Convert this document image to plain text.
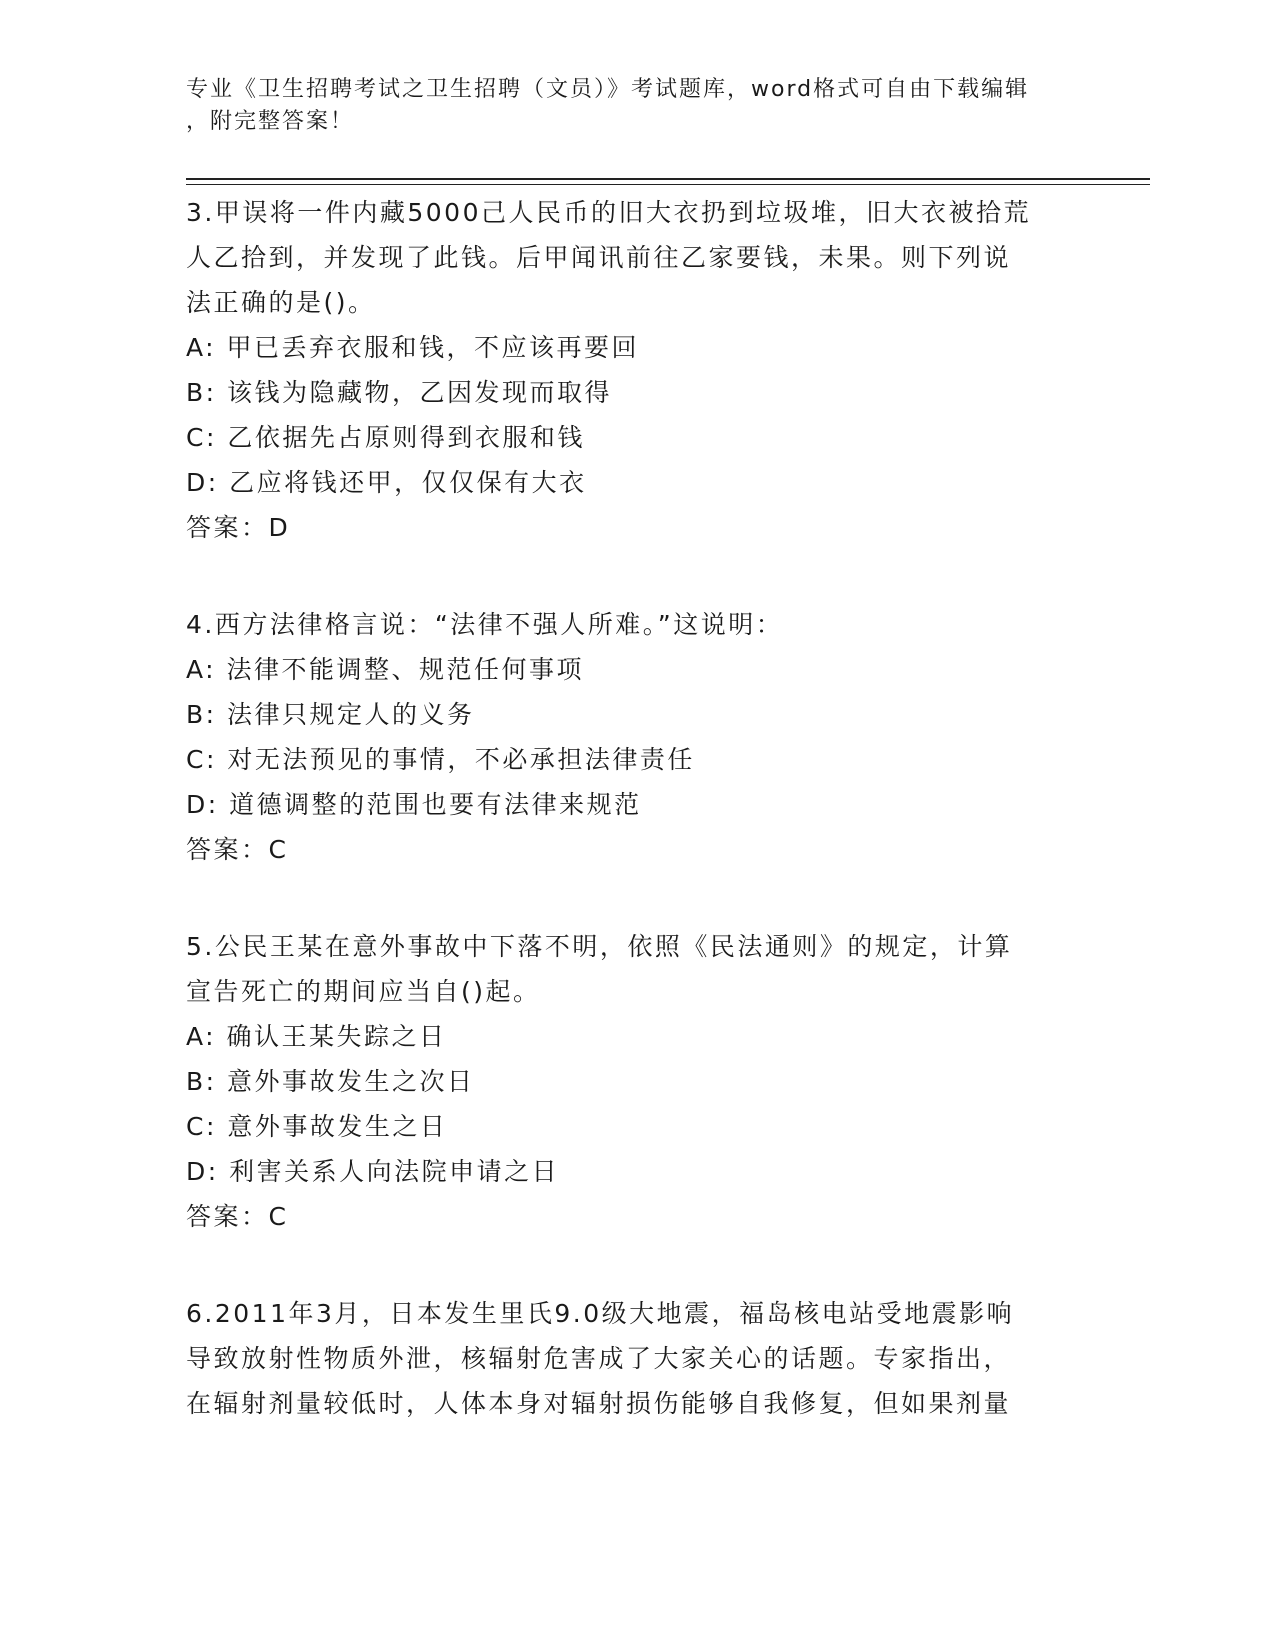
专业《卫生招聘考试之卫生招聘（文员）》考试题库，word格式可自由下载编辑

，附完整答案！

3.甲误将一件内藏5000己人民币的旧大衣扔到垃圾堆，旧大衣被拾荒

人乙拾到，并发现了此钱。后甲闻讯前往乙家要钱，未果。则下列说

法正确的是()。

A: 甲已丢弃衣服和钱，不应该再要回

B: 该钱为隐藏物，乙因发现而取得

C: 乙依据先占原则得到衣服和钱

D: 乙应将钱还甲，仅仅保有大衣

答案：D

4.西方法律格言说：“法律不强人所难。”这说明：

A: 法律不能调整、规范任何事项

B: 法律只规定人的义务

C: 对无法预见的事情，不必承担法律责任

D: 道德调整的范围也要有法律来规范

答案：C

5.公民王某在意外事故中下落不明，依照《民法通则》的规定，计算

宣告死亡的期间应当自()起。

A: 确认王某失踪之日

B: 意外事故发生之次日

C: 意外事故发生之日

D: 利害关系人向法院申请之日

答案：C

6.2011年3月，日本发生里氏9.0级大地震，福岛核电站受地震影响

导致放射性物质外泄，核辐射危害成了大家关心的话题。专家指出，

在辐射剂量较低时，人体本身对辐射损伤能够自我修复，但如果剂量
